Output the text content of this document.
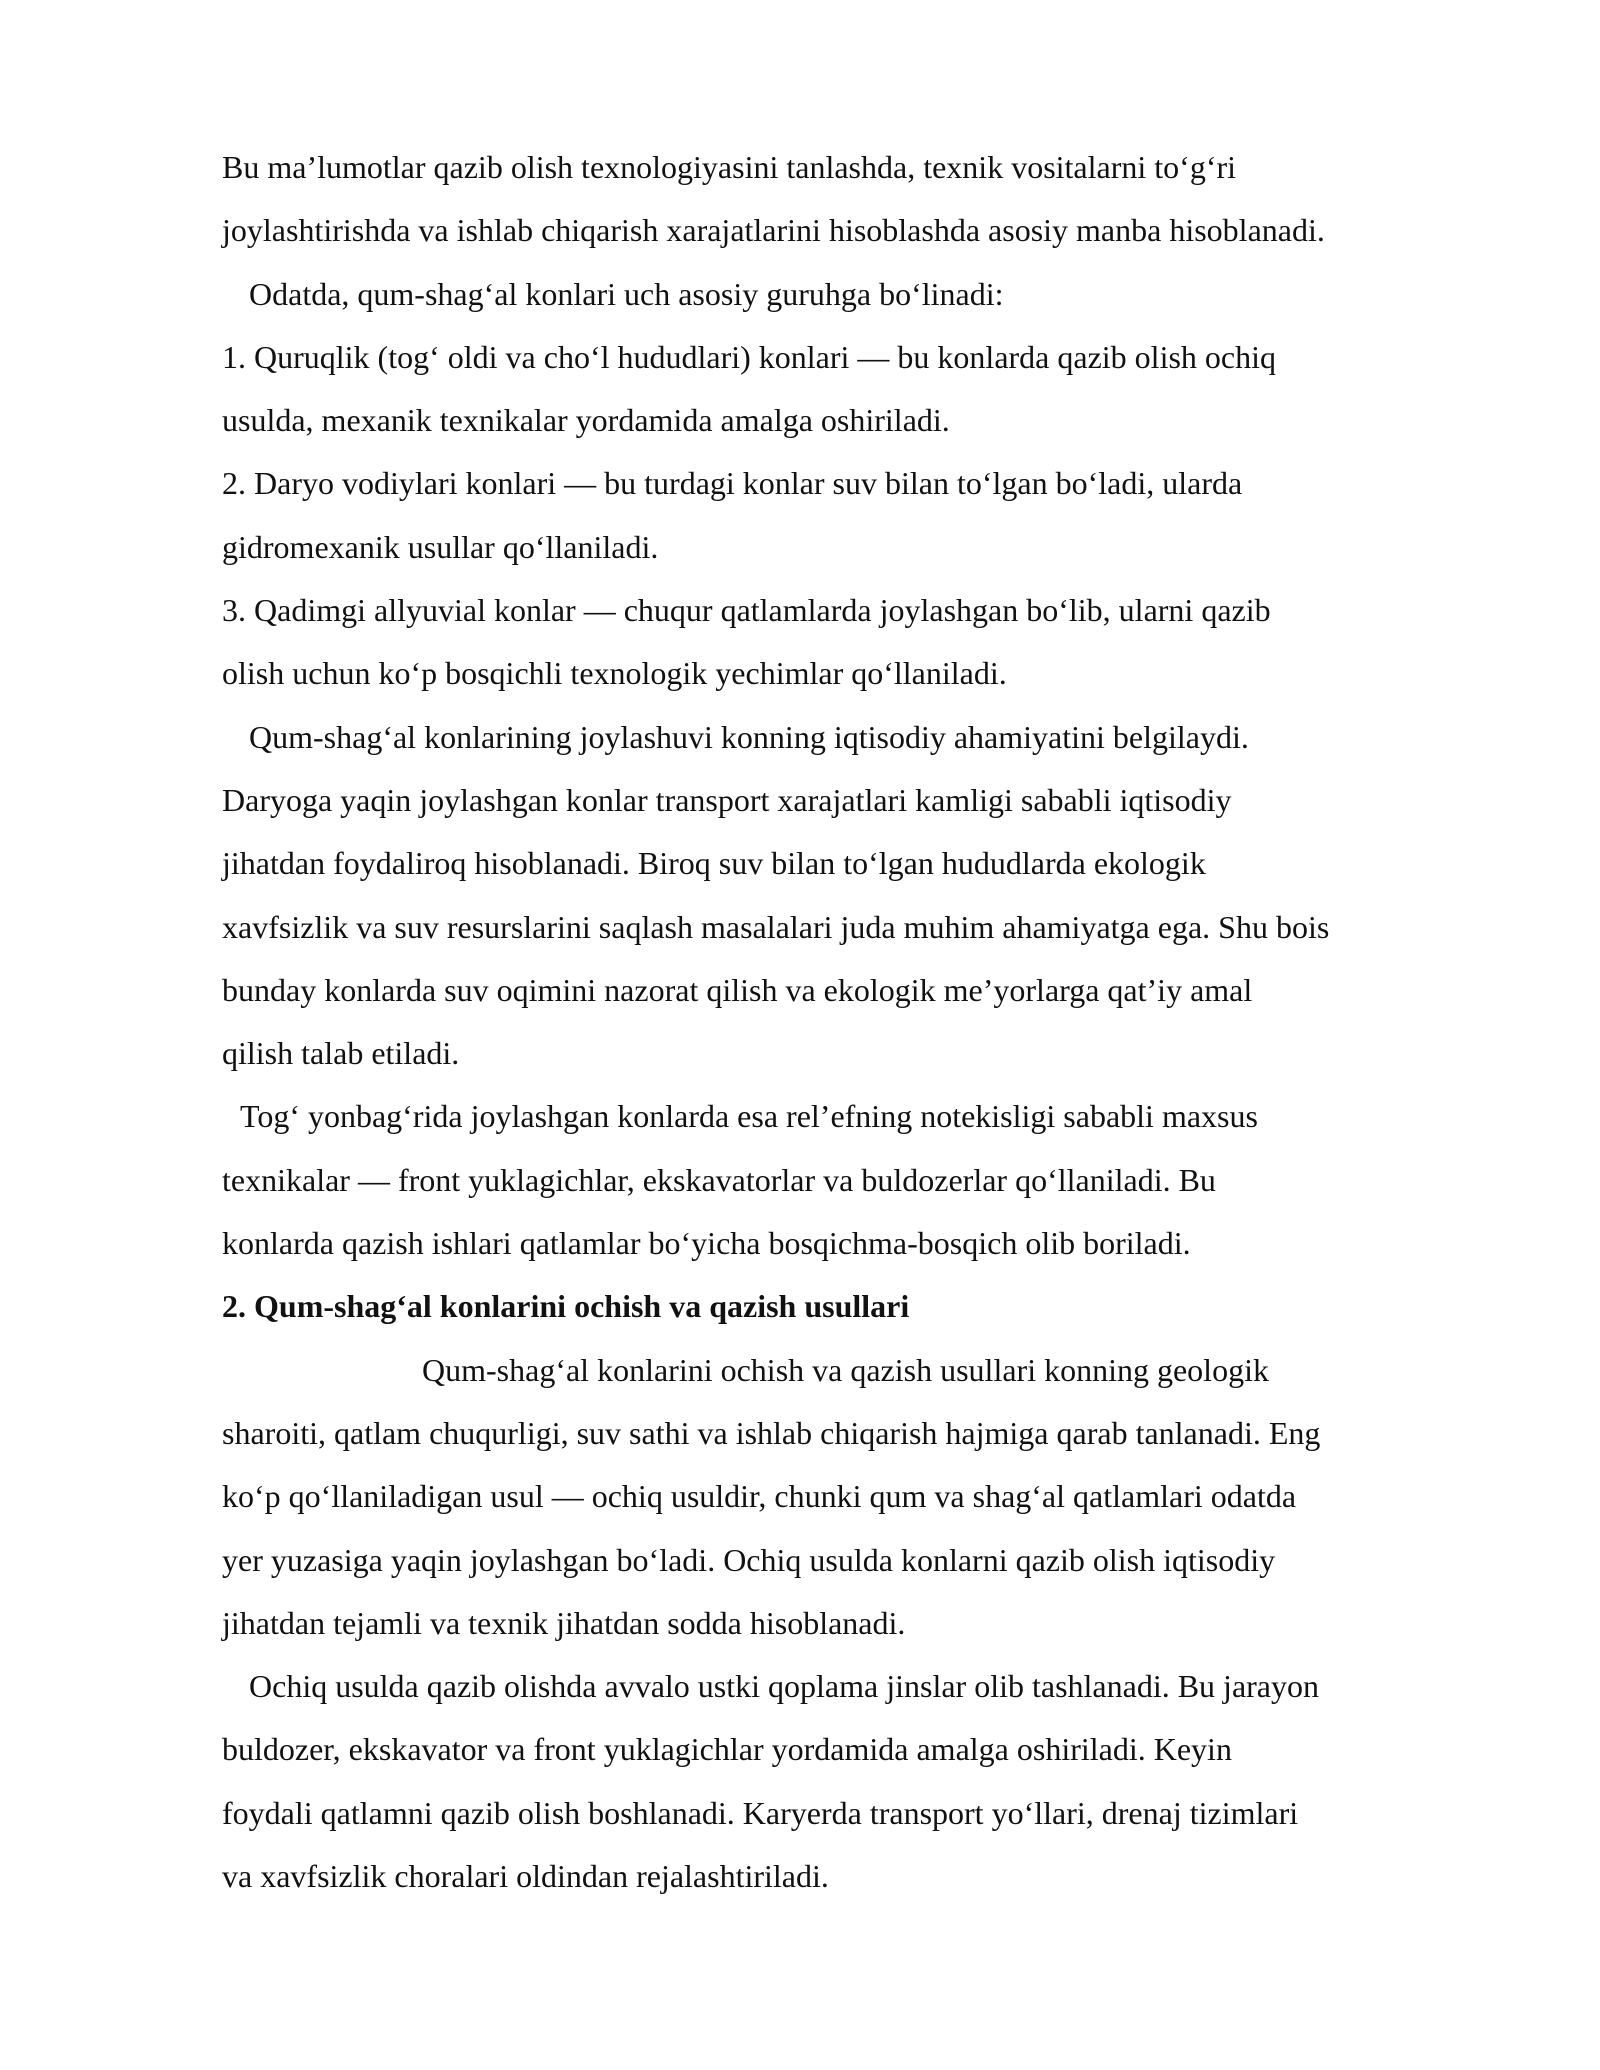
Bu ma’lumotlar qazib olish texnologiyasini tanlashda, texnik vositalarni to‘g‘ri
joylashtirishda va ishlab chiqarish xarajatlarini hisoblashda asosiy manba hisoblanadi.
Odatda, qum-shag‘al konlari uch asosiy guruhga bo‘linadi:
1. Quruqlik (tog‘ oldi va cho‘l hududlari) konlari — bu konlarda qazib olish ochiq
usulda, mexanik texnikalar yordamida amalga oshiriladi.
2. Daryo vodiylari konlari — bu turdagi konlar suv bilan to‘lgan bo‘ladi, ularda
gidromexanik usullar qo‘llaniladi.
3. Qadimgi allyuvial konlar — chuqur qatlamlarda joylashgan bo‘lib, ularni qazib
olish uchun ko‘p bosqichli texnologik yechimlar qo‘llaniladi.
Qum-shag‘al konlarining joylashuvi konning iqtisodiy ahamiyatini belgilaydi.
Daryoga yaqin joylashgan konlar transport xarajatlari kamligi sababli iqtisodiy
jihatdan foydaliroq hisoblanadi. Biroq suv bilan to‘lgan hududlarda ekologik
xavfsizlik va suv resurslarini saqlash masalalari juda muhim ahamiyatga ega. Shu bois
bunday konlarda suv oqimini nazorat qilish va ekologik me’yorlarga qat’iy amal
qilish talab etiladi.
Tog‘ yonbag‘rida joylashgan konlarda esa rel’efning notekisligi sababli maxsus
texnikalar — front yuklagichlar, ekskavatorlar va buldozerlar qo‘llaniladi. Bu
konlarda qazish ishlari qatlamlar bo‘yicha bosqichma-bosqich olib boriladi.
2. Qum-shag‘al konlarini ochish va qazish usullari
Qum-shag‘al konlarini ochish va qazish usullari konning geologik
sharoiti, qatlam chuqurligi, suv sathi va ishlab chiqarish hajmiga qarab tanlanadi. Eng
ko‘p qo‘llaniladigan usul — ochiq usuldir, chunki qum va shag‘al qatlamlari odatda
yer yuzasiga yaqin joylashgan bo‘ladi. Ochiq usulda konlarni qazib olish iqtisodiy
jihatdan tejamli va texnik jihatdan sodda hisoblanadi.
Ochiq usulda qazib olishda avvalo ustki qoplama jinslar olib tashlanadi. Bu jarayon
buldozer, ekskavator va front yuklagichlar yordamida amalga oshiriladi. Keyin
foydali qatlamni qazib olish boshlanadi. Karyerda transport yo‘llari, drenaj tizimlari
va xavfsizlik choralari oldindan rejalashtiriladi.
